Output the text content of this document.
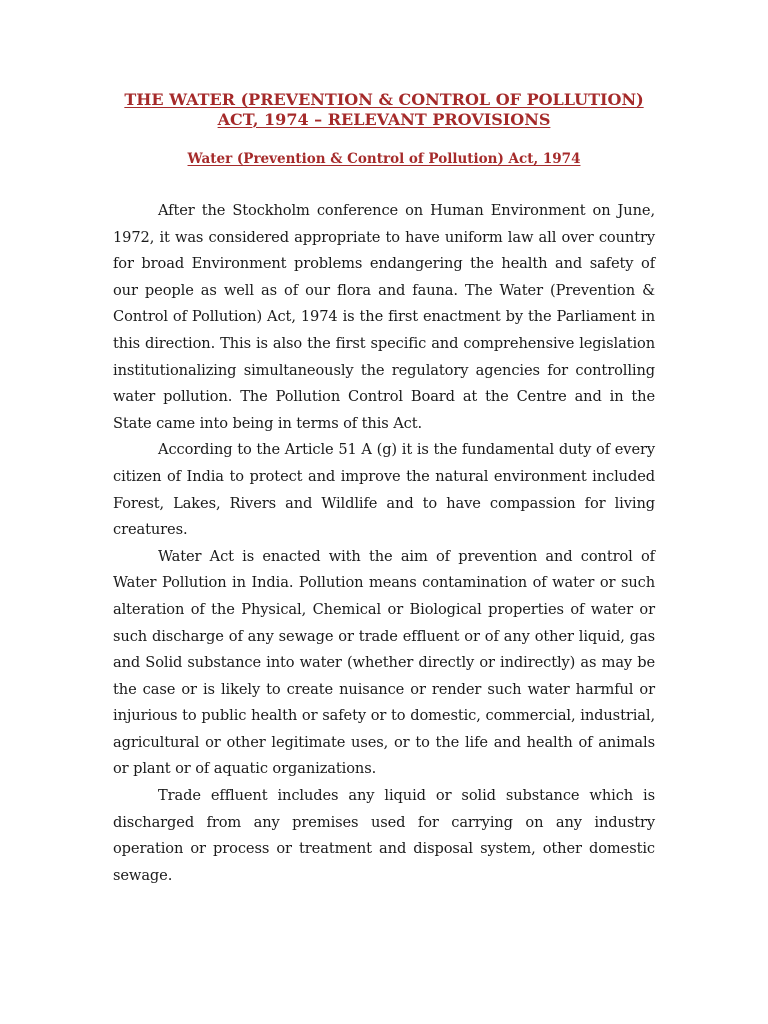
THE WATER (PREVENTION & CONTROL OF POLLUTION)
ACT, 1974 – RELEVANT PROVISIONS
Water (Prevention & Control of Pollution) Act, 1974

After the Stockholm conference on Human Environment on June, 1972, it was considered appropriate to have uniform law all over country for broad Environment problems endangering the health and safety of our people as well as of our flora and fauna. The Water (Prevention & Control of Pollution) Act, 1974 is the first enactment by the Parliament in this direction. This is also the first specific and comprehensive legislation institutionalizing simultaneously the regulatory agencies for controlling water pollution. The Pollution Control Board at the Centre and in the State came into being in terms of this Act.

According to the Article 51 A (g) it is the fundamental duty of every citizen of India to protect and improve the natural environment included Forest, Lakes, Rivers and Wildlife and to have compassion for living creatures.

Water Act is enacted with the aim of prevention and control of Water Pollution in India. Pollution means contamination of water or such alteration of the Physical, Chemical or Biological properties of water or such discharge of any sewage or trade effluent or of any other liquid, gas and Solid substance into water (whether directly or indirectly) as may be the case or is likely to create nuisance or render such water harmful or injurious to public health or safety or to domestic, commercial, industrial, agricultural or other legitimate uses, or to the life and health of animals or plant or of aquatic organizations.

Trade effluent includes any liquid or solid substance which is discharged from any premises used for carrying on any industry operation or process or treatment and disposal system, other domestic sewage.
